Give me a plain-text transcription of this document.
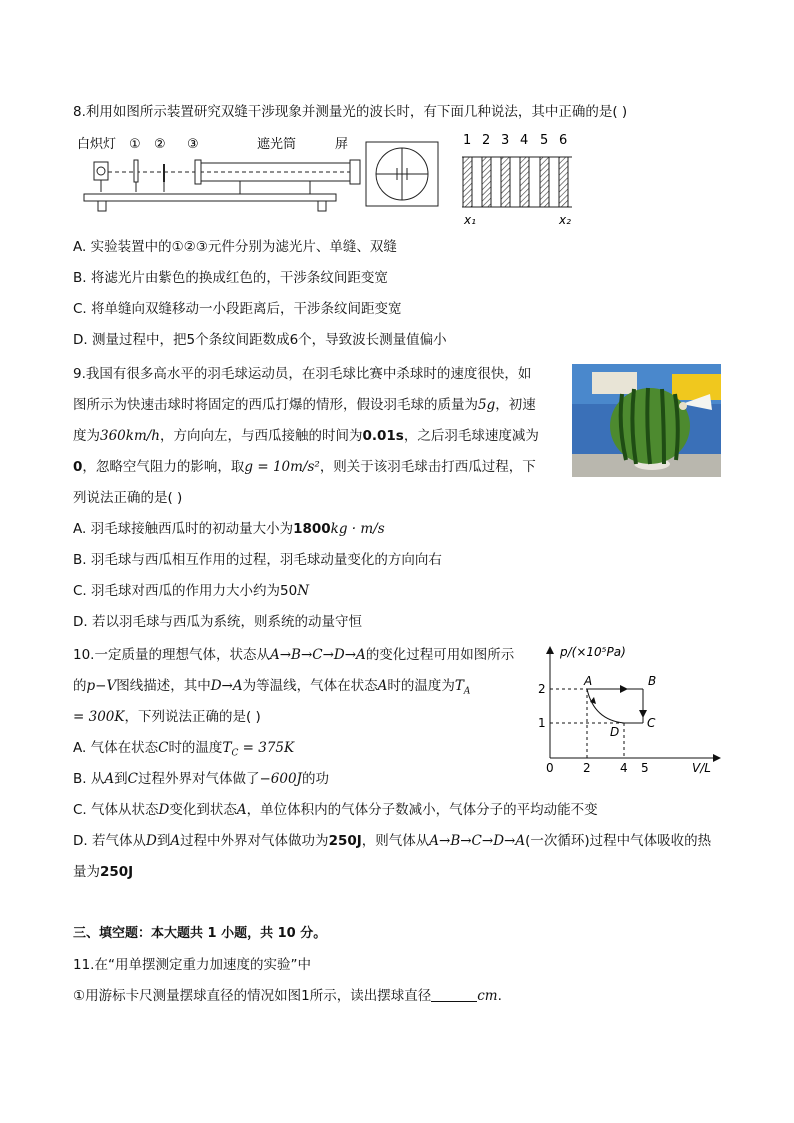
8.利用如图所示装置研究双缝干涉现象并测量光的波长时，有下面几种说法，其中正确的是( )
白炽灯 ① ② ③	遮光筒	屏	1 2 3 4 5 6
x₁	x₂
A. 实验装置中的①②③元件分别为滤光片、单缝、双缝
B. 将滤光片由紫色的换成红色的，干涉条纹间距变宽
C. 将单缝向双缝移动一小段距离后，干涉条纹间距变宽
D. 测量过程中，把5个条纹间距数成6个，导致波长测量值偏小
9.我国有很多高水平的羽毛球运动员，在羽毛球比赛中杀球时的速度很快，如
图所示为快速击球时将固定的西瓜打爆的情形，假设羽毛球的质量为5g，初速
度为360km/h，方向向左，与西瓜接触的时间为0.01s，之后羽毛球速度减为
0，忽略空气阻力的影响，取g = 10m/s²，则关于该羽毛球击打西瓜过程，下
列说法正确的是( )
A. 羽毛球接触西瓜时的初动量大小为1800kg · m/s
B. 羽毛球与西瓜相互作用的过程，羽毛球动量变化的方向向右
C. 羽毛球对西瓜的作用力大小约为50N
D. 若以羽毛球与西瓜为系统，则系统的动量守恒
10.一定质量的理想气体，状态从A→B→C→D→A的变化过程可用如图所示
的p−V图线描述，其中D→A为等温线，气体在状态A时的温度为$T_A$
= 300K，下列说法正确的是( )
A. 气体在状态C时的温度$T_C = 375K$
B. 从A到C过程外界对气体做了−600J的功
p/(×10⁵Pa)
V/L
2
1
0 2 4 5
A	B
C
D
C. 气体从状态D变化到状态A，单位体积内的气体分子数减小，气体分子的平均动能不变
D. 若气体从D到A过程中外界对气体做功为250J，则气体从A→B→C→D→A(一次循环)过程中气体吸收的热
量为250J
三、填空题：本大题共 1 小题，共 10 分。
11.在“用单摆测定重力加速度的实验”中
①用游标卡尺测量摆球直径的情况如图1所示，读出摆球直径	cm.
